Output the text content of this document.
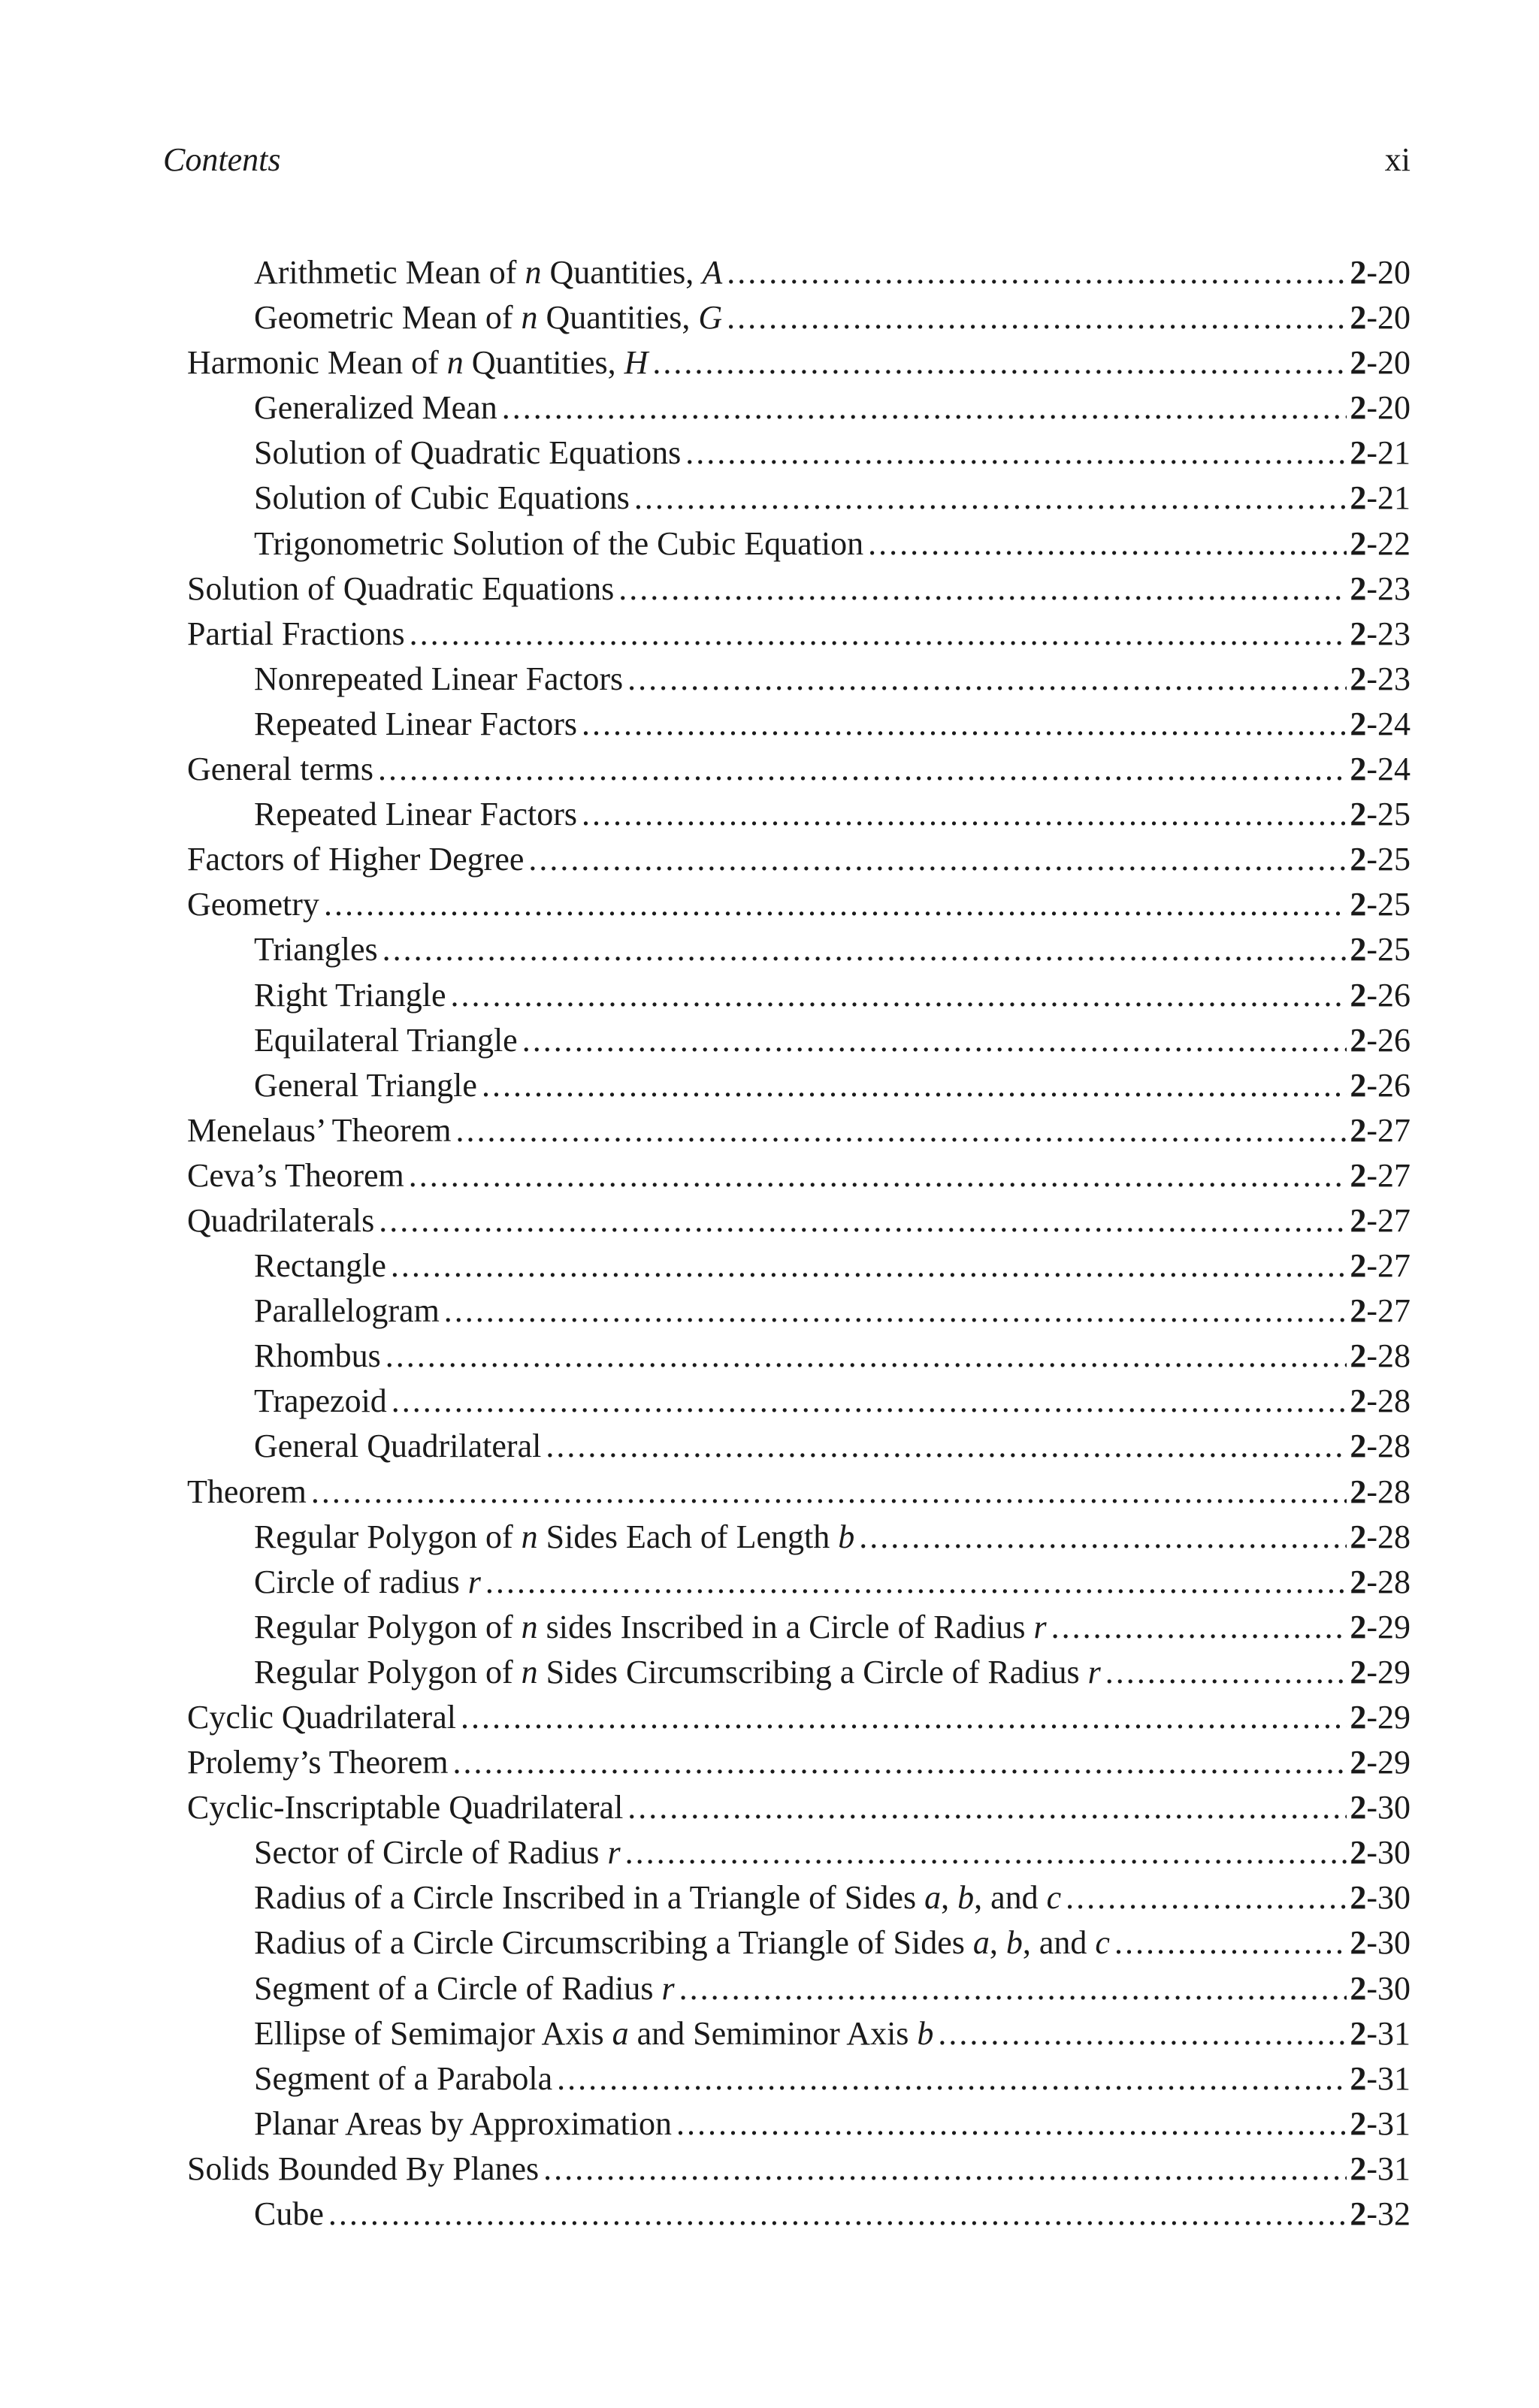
Contents	xi
Arithmetic Mean of n Quantities, A . . .	2-20
Geometric Mean of n Quantities, G . . .	2-20
Harmonic Mean of n Quantities, H . . .	2-20
Generalized Mean . . .	2-20
Solution of Quadratic Equations . . .	2-21
Solution of Cubic Equations . . .	2-21
Trigonometric Solution of the Cubic Equation . . .	2-22
Solution of Quadratic Equations . . .	2-23
Partial Fractions . . .	2-23
Nonrepeated Linear Factors . . .	2-23
Repeated Linear Factors . . .	2-24
General terms . . .	2-24
Repeated Linear Factors . . .	2-25
Factors of Higher Degree . . .	2-25
Geometry . . .	2-25
Triangles . . .	2-25
Right Triangle . . .	2-26
Equilateral Triangle . . .	2-26
General Triangle . . .	2-26
Menelaus’ Theorem . . .	2-27
Ceva’s Theorem . . .	2-27
Quadrilaterals . . .	2-27
Rectangle . . .	2-27
Parallelogram . . .	2-27
Rhombus . . .	2-28
Trapezoid . . .	2-28
General Quadrilateral . . .	2-28
Theorem . . .	2-28
Regular Polygon of n Sides Each of Length b . . .	2-28
Circle of radius r . . .	2-28
Regular Polygon of n sides Inscribed in a Circle of Radius r . . .	2-29
Regular Polygon of n Sides Circumscribing a Circle of Radius r . . .	2-29
Cyclic Quadrilateral . . .	2-29
Prolemy’s Theorem . . .	2-29
Cyclic-Inscriptable Quadrilateral . . .	2-30
Sector of Circle of Radius r . . .	2-30
Radius of a Circle Inscribed in a Triangle of Sides a, b, and c . . .	2-30
Radius of a Circle Circumscribing a Triangle of Sides a, b, and c . . .	2-30
Segment of a Circle of Radius r . . .	2-30
Ellipse of Semimajor Axis a and Semiminor Axis b . . .	2-31
Segment of a Parabola . . .	2-31
Planar Areas by Approximation . . .	2-31
Solids Bounded By Planes . . .	2-31
Cube . . .	2-32
